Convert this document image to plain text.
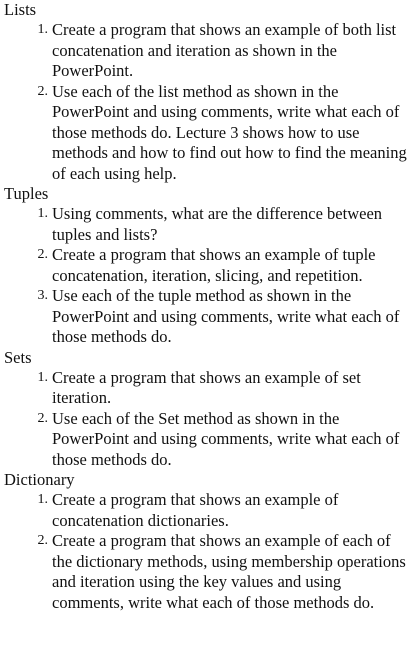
Lists
1. Create a program that shows an example of both list concatenation and iteration as shown in the PowerPoint.
2. Use each of the list method as shown in the PowerPoint and using comments, write what each of those methods do. Lecture 3 shows how to use methods and how to find out how to find the meaning of each using help.
Tuples
1. Using comments, what are the difference between tuples and lists?
2. Create a program that shows an example of tuple concatenation, iteration, slicing, and repetition.
3. Use each of the tuple method as shown in the PowerPoint and using comments, write what each of those methods do.
Sets
1. Create a program that shows an example of set iteration.
2. Use each of the Set method as shown in the PowerPoint and using comments, write what each of those methods do.
Dictionary
1. Create a program that shows an example of concatenation dictionaries.
2. Create a program that shows an example of each of the dictionary methods, using membership operations and iteration using the key values and using comments, write what each of those methods do.
